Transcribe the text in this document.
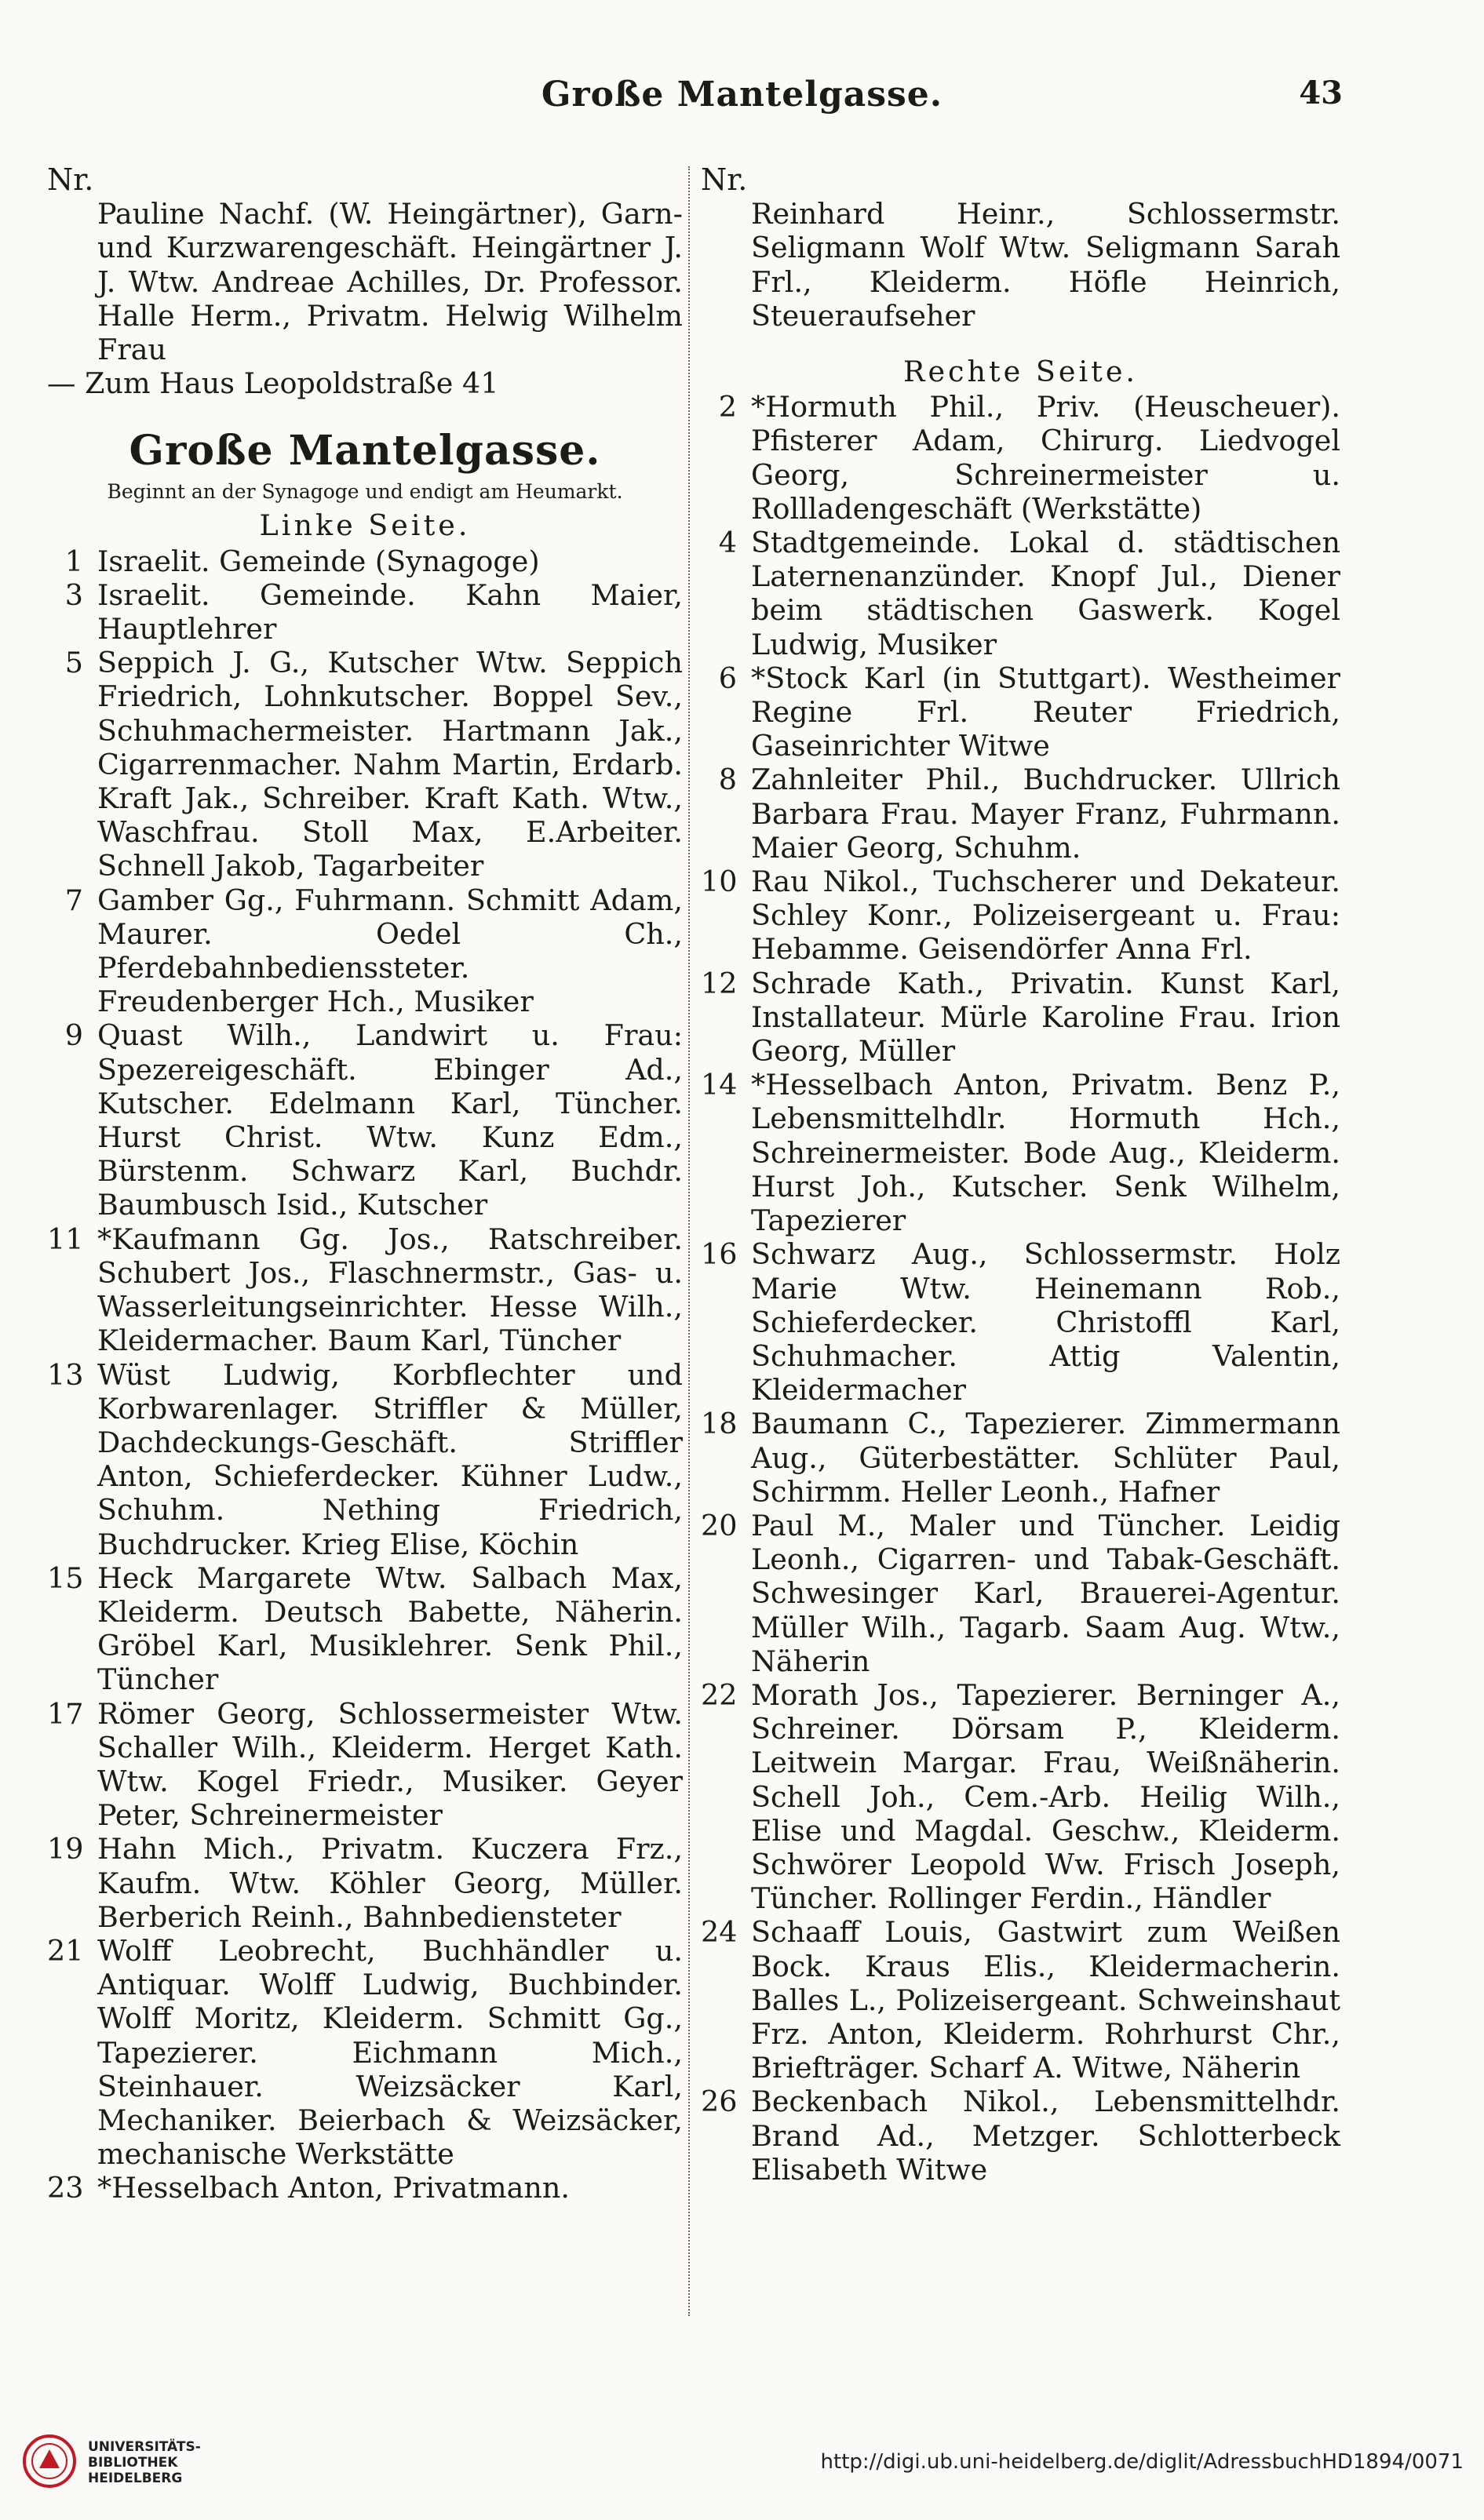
Große Mantelgasse.	43
Nr.
Pauline Nachf. (W. Heingärtner), Garn- und Kurzwarengeschäft. Heingärtner J. J. Wtw. Andreae Achilles, Dr. Professor. Halle Herm., Privatm. Helwig Wilhelm Frau
— Zum Haus Leopoldstraße 41
Große Mantelgasse.
Beginnt an der Synagoge und endigt am Heumarkt.
Linke Seite.
1 Israelit. Gemeinde (Synagoge)
3 Israelit. Gemeinde. Kahn Maier, Hauptlehrer
5 Seppich J. G., Kutscher Wtw. Seppich Friedrich, Lohnkutscher. Boppel Sev., Schuhmachermeister. Hartmann Jak., Cigarrenmacher. Nahm Martin, Erdarb. Kraft Jak., Schreiber. Kraft Kath. Wtw., Waschfrau. Stoll Max, E.Arbeiter. Schnell Jakob, Tagarbeiter
7 Gamber Gg., Fuhrmann. Schmitt Adam, Maurer. Oedel Ch., Pferdebahnbedienssteter. Freudenberger Hch., Musiker
9 Quast Wilh., Landwirt u. Frau: Spezereigeschäft. Ebinger Ad., Kutscher. Edelmann Karl, Tüncher. Hurst Christ. Wtw. Kunz Edm., Bürstenm. Schwarz Karl, Buchdr. Baumbusch Isid., Kutscher
11 *Kaufmann Gg. Jos., Ratschreiber. Schubert Jos., Flaschnermstr., Gas- u. Wasserleitungseinrichter. Hesse Wilh., Kleidermacher. Baum Karl, Tüncher
13 Wüst Ludwig, Korbflechter und Korbwarenlager. Striffler & Müller, Dachdeckungs-Geschäft. Striffler Anton, Schieferdecker. Kühner Ludw., Schuhm. Nething Friedrich, Buchdrucker. Krieg Elise, Köchin
15 Heck Margarete Wtw. Salbach Max, Kleiderm. Deutsch Babette, Näherin. Gröbel Karl, Musiklehrer. Senk Phil., Tüncher
17 Römer Georg, Schlossermeister Wtw. Schaller Wilh., Kleiderm. Herget Kath. Wtw. Kogel Friedr., Musiker. Geyer Peter, Schreinermeister
19 Hahn Mich., Privatm. Kuczera Frz., Kaufm. Wtw. Köhler Georg, Müller. Berberich Reinh., Bahnbediensteter
21 Wolff Leobrecht, Buchhändler u. Antiquar. Wolff Ludwig, Buchbinder. Wolff Moritz, Kleiderm. Schmitt Gg., Tapezierer. Eichmann Mich., Steinhauer. Weizsäcker Karl, Mechaniker. Beierbach & Weizsäcker, mechanische Werkstätte
23 *Hesselbach Anton, Privatmann.
Nr.
Reinhard Heinr., Schlossermstr. Seligmann Wolf Wtw. Seligmann Sarah Frl., Kleiderm. Höfle Heinrich, Steueraufseher
Rechte Seite.
2 *Hormuth Phil., Priv. (Heuscheuer). Pfisterer Adam, Chirurg. Liedvogel Georg, Schreinermeister u. Rollladengeschäft (Werkstätte)
4 Stadtgemeinde. Lokal d. städtischen Laternenanzünder. Knopf Jul., Diener beim städtischen Gaswerk. Kogel Ludwig, Musiker
6 *Stock Karl (in Stuttgart). Westheimer Regine Frl. Reuter Friedrich, Gaseinrichter Witwe
8 Zahnleiter Phil., Buchdrucker. Ullrich Barbara Frau. Mayer Franz, Fuhrmann. Maier Georg, Schuhm.
10 Rau Nikol., Tuchscherer und Dekateur. Schley Konr., Polizeisergeant u. Frau: Hebamme. Geisendörfer Anna Frl.
12 Schrade Kath., Privatin. Kunst Karl, Installateur. Mürle Karoline Frau. Irion Georg, Müller
14 *Hesselbach Anton, Privatm. Benz P., Lebensmittelhdlr. Hormuth Hch., Schreinermeister. Bode Aug., Kleiderm. Hurst Joh., Kutscher. Senk Wilhelm, Tapezierer
16 Schwarz Aug., Schlossermstr. Holz Marie Wtw. Heinemann Rob., Schieferdecker. Christoffl Karl, Schuhmacher. Attig Valentin, Kleidermacher
18 Baumann C., Tapezierer. Zimmermann Aug., Güterbestätter. Schlüter Paul, Schirmm. Heller Leonh., Hafner
20 Paul M., Maler und Tüncher. Leidig Leonh., Cigarren- und Tabak-Geschäft. Schwesinger Karl, Brauerei-Agentur. Müller Wilh., Tagarb. Saam Aug. Wtw., Näherin
22 Morath Jos., Tapezierer. Berninger A., Schreiner. Dörsam P., Kleiderm. Leitwein Margar. Frau, Weißnäherin. Schell Joh., Cem.-Arb. Heilig Wilh., Elise und Magdal. Geschw., Kleiderm. Schwörer Leopold Ww. Frisch Joseph, Tüncher. Rollinger Ferdin., Händler
24 Schaaff Louis, Gastwirt zum Weißen Bock. Kraus Elis., Kleidermacherin. Balles L., Polizeisergeant. Schweinshaut Frz. Anton, Kleiderm. Rohrhurst Chr., Briefträger. Scharf A. Witwe, Näherin
26 Beckenbach Nikol., Lebensmittelhdr. Brand Ad., Metzger. Schlotterbeck Elisabeth Witwe
UNIVERSITÄTS-
BIBLIOTHEK
HEIDELBERG
http://digi.ub.uni-heidelberg.de/diglit/AdressbuchHD1894/0071
